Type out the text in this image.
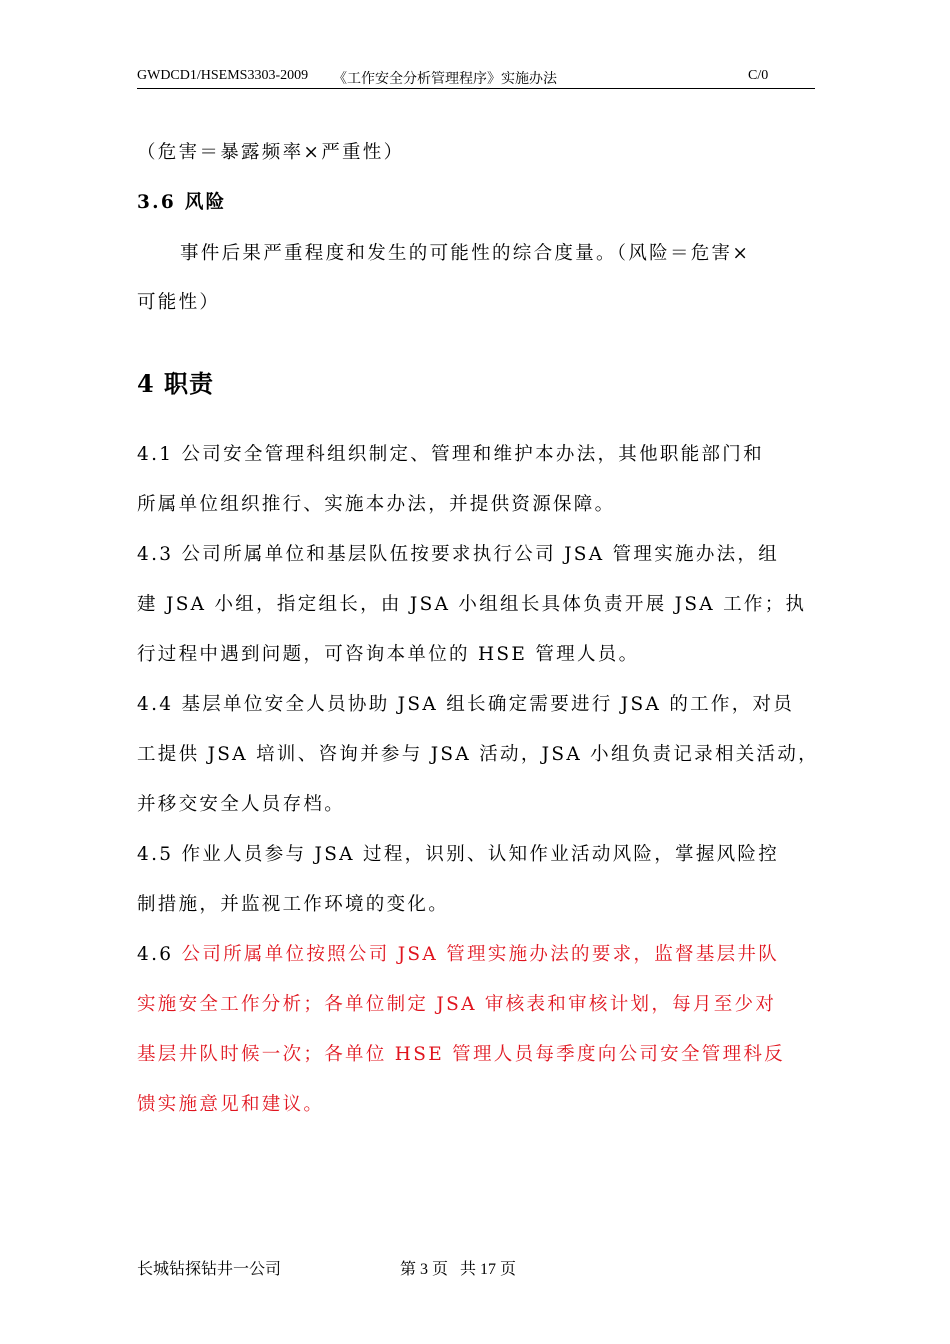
GWDCD1/HSEMS3303-2009 《工作安全分析管理程序》实施办法	C/0
（危害＝暴露频率×严重性）
3.6 风险
事件后果严重程度和发生的可能性的综合度量。（风险＝危害×
可能性）
4 职责
4.1 公司安全管理科组织制定、管理和维护本办法，其他职能部门和
所属单位组织推行、实施本办法，并提供资源保障。
4.3 公司所属单位和基层队伍按要求执行公司 JSA 管理实施办法，组
建 JSA 小组，指定组长，由 JSA 小组组长具体负责开展 JSA 工作；执
行过程中遇到问题，可咨询本单位的 HSE 管理人员。
4.4 基层单位安全人员协助 JSA 组长确定需要进行 JSA 的工作，对员
工提供 JSA 培训、咨询并参与 JSA 活动，JSA 小组负责记录相关活动，
并移交安全人员存档。
4.5 作业人员参与 JSA 过程，识别、认知作业活动风险，掌握风险控
制措施，并监视工作环境的变化。
4.6 公司所属单位按照公司 JSA 管理实施办法的要求，监督基层井队
实施安全工作分析；各单位制定 JSA 审核表和审核计划，每月至少对
基层井队时候一次；各单位 HSE 管理人员每季度向公司安全管理科反
馈实施意见和建议。
长城钻探钻井一公司	第 3 页   共 17 页
